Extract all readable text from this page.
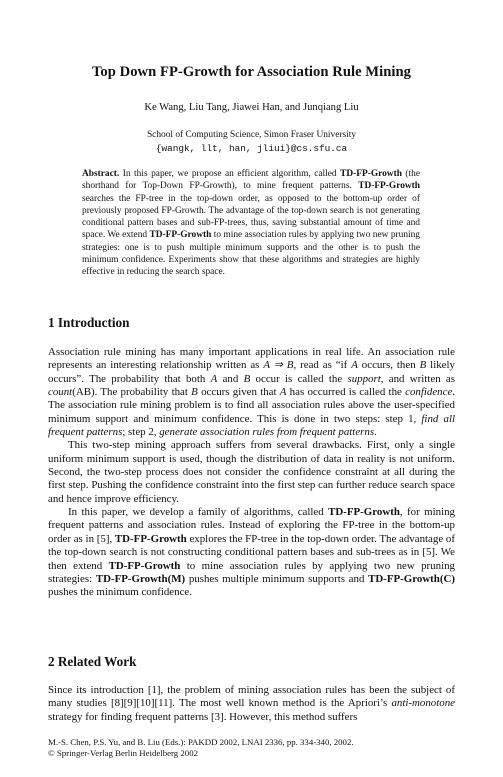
Top Down FP-Growth for Association Rule Mining
Ke Wang, Liu Tang, Jiawei Han, and Junqiang Liu
School of Computing Science, Simon Fraser University
{wangk, llt, han, jliui}@cs.sfu.ca
Abstract. In this paper, we propose an efficient algorithm, called TD-FP-Growth (the shorthand for Top-Down FP-Growth), to mine frequent patterns. TD-FP-Growth searches the FP-tree in the top-down order, as opposed to the bottom-up order of previously proposed FP-Growth. The advantage of the top-down search is not generating conditional pattern bases and sub-FP-trees, thus, saving substantial amount of time and space. We extend TD-FP-Growth to mine association rules by applying two new pruning strategies: one is to push multiple minimum supports and the other is to push the minimum confidence. Experiments show that these algorithms and strategies are highly effective in reducing the search space.
1 Introduction

Association rule mining has many important applications in real life. An association rule represents an interesting relationship written as A ⇒ B, read as “if A occurs, then B likely occurs”. The probability that both A and B occur is called the support, and written as count(AB). The probability that B occurs given that A has occurred is called the confidence. The association rule mining problem is to find all association rules above the user-specified minimum support and minimum confidence. This is done in two steps: step 1, find all frequent patterns; step 2, generate association rules from frequent patterns.

This two-step mining approach suffers from several drawbacks. First, only a single uniform minimum support is used, though the distribution of data in reality is not uniform. Second, the two-step process does not consider the confidence constraint at all during the first step. Pushing the confidence constraint into the first step can further reduce search space and hence improve efficiency.

In this paper, we develop a family of algorithms, called TD-FP-Growth, for mining frequent patterns and association rules. Instead of exploring the FP-tree in the bottom-up order as in [5], TD-FP-Growth explores the FP-tree in the top-down order. The advantage of the top-down search is not constructing conditional pattern bases and sub-trees as in [5]. We then extend TD-FP-Growth to mine association rules by applying two new pruning strategies: TD-FP-Growth(M) pushes multiple minimum supports and TD-FP-Growth(C) pushes the minimum confidence.

2 Related Work

Since its introduction [1], the problem of mining association rules has been the subject of many studies [8][9][10][11]. The most well known method is the Apriori’s anti-monotone strategy for finding frequent patterns [3]. However, this method suffers

M.-S. Chen, P.S. Yu, and B. Liu (Eds.): PAKDD 2002, LNAI 2336, pp. 334-340, 2002.
© Springer-Verlag Berlin Heidelberg 2002
